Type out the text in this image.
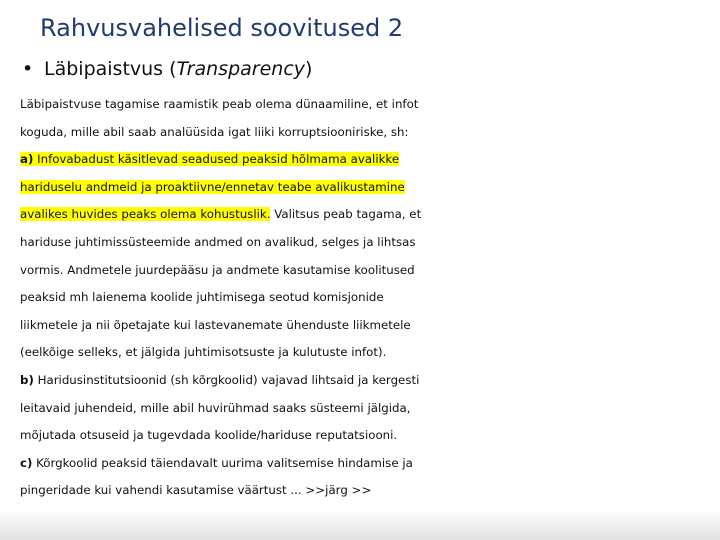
Rahvusvahelised soovitused 2
• Läbipaistvus (Transparency)
Läbipaistvuse tagamise raamistik peab olema dünaamiline, et infot
koguda, mille abil saab analüüsida igat liiki korruptsiooniriske, sh:
a) Infovabadust käsitlevad seadused peaksid hõlmama avalikke
hariduselu andmeid ja proaktiivne/ennetav teabe avalikustamine
avalikes huvides peaks olema kohustuslik. Valitsus peab tagama, et
hariduse juhtimissüsteemide andmed on avalikud, selges ja lihtsas
vormis. Andmetele juurdepääsu ja andmete kasutamise koolitused
peaksid mh laienema koolide juhtimisega seotud komisjonide
liikmetele ja nii õpetajate kui lastevanemate ühenduste liikmetele
(eelkõige selleks, et jälgida juhtimisotsuste ja kulutuste infot).
b) Haridusinstitutsioonid (sh kõrgkoolid) vajavad lihtsaid ja kergesti
leitavaid juhendeid, mille abil huvirühmad saaks süsteemi jälgida,
mõjutada otsuseid ja tugevdada koolide/hariduse reputatsiooni.
c) Kõrgkoolid peaksid täiendavalt uurima valitsemise hindamise ja
pingeridade kui vahendi kasutamise väärtust ... >>järg >>
